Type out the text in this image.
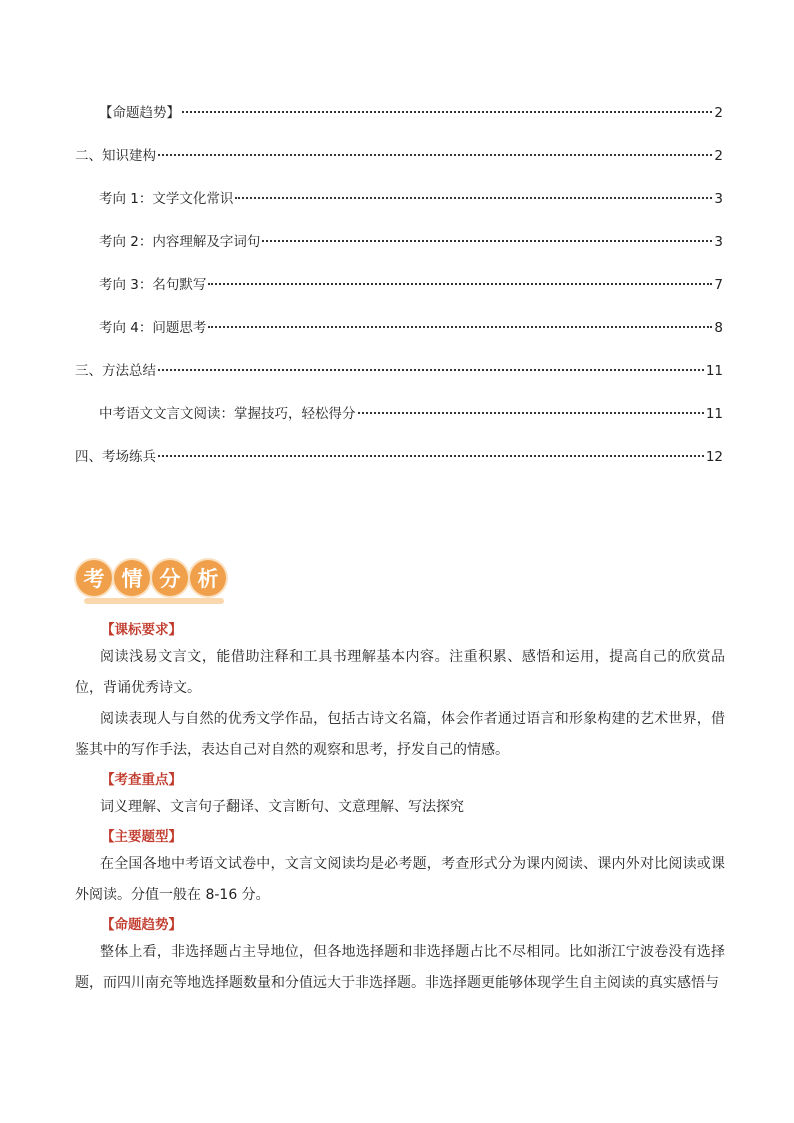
【命题趋势】	2
二、知识建构	2
考向 1：文学文化常识	3
考向 2：内容理解及字词句	3
考向 3：名句默写	7
考向 4：问题思考	8
三、方法总结	11
中考语文文言文阅读：掌握技巧，轻松得分	11
四、考场练兵	12
考 情 分 析
【课标要求】

阅读浅易文言文，能借助注释和工具书理解基本内容。注重积累、感悟和运用，提高自己的欣赏品位，背诵优秀诗文。

阅读表现人与自然的优秀文学作品，包括古诗文名篇，体会作者通过语言和形象构建的艺术世界，借鉴其中的写作手法，表达自己对自然的观察和思考，抒发自己的情感。

【考查重点】

词义理解、文言句子翻译、文言断句、文意理解、写法探究

【主要题型】

在全国各地中考语文试卷中，文言文阅读均是必考题，考查形式分为课内阅读、课内外对比阅读或课外阅读。分值一般在 8-16 分。

【命题趋势】

整体上看，非选择题占主导地位，但各地选择题和非选择题占比不尽相同。比如浙江宁波卷没有选择题，而四川南充等地选择题数量和分值远大于非选择题。非选择题更能够体现学生自主阅读的真实感悟与
